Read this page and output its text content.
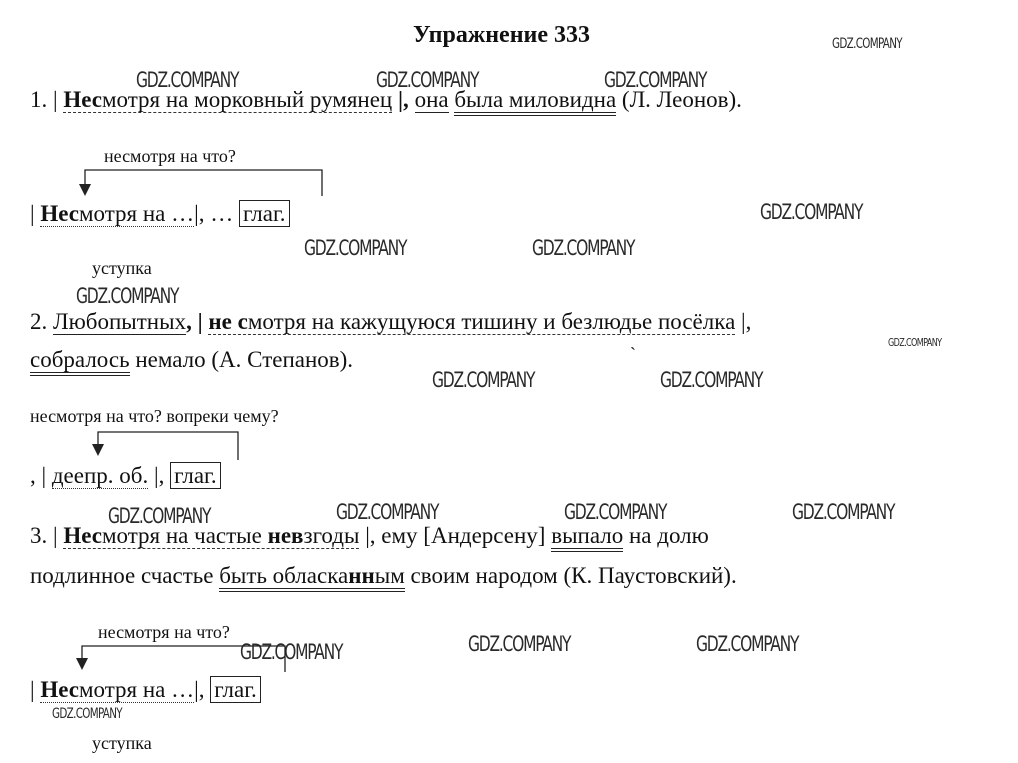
Упражнение 333	GDZ.COMPANY
GDZ.COMPANY	GDZ.COMPANY	GDZ.COMPANY
GDZ.COMPANY
GDZ.COMPANY	GDZ.COMPANY
GDZ.COMPANY
GDZ.COMPANY
GDZ.COMPANY	GDZ.COMPANY
GDZ.COMPANY	GDZ.COMPANY	GDZ.COMPANY	GDZ.COMPANY
GDZ.COMPANY	GDZ.COMPANY
GDZ.COMPANY
GDZ.COMPANY
1. | Несмотря на морковный румянец |, она была миловидна (Л. Леонов).
несмотря на что?
| Несмотря на …|, … глаг.
уступка
2. Любопытных, | не смотря на кажущуюся тишину и безлюдье посёлка |,
собралось немало (А. Степанов).	`
несмотря на что? вопреки чему?
, | деепр. об. |, глаг.
3. | Несмотря на частые невзгоды |, ему [Андерсену] выпало на долю
подлинное счастье быть обласканным своим народом (К. Паустовский).
несмотря на что?
| Несмотря на …|, глаг.
уступка
